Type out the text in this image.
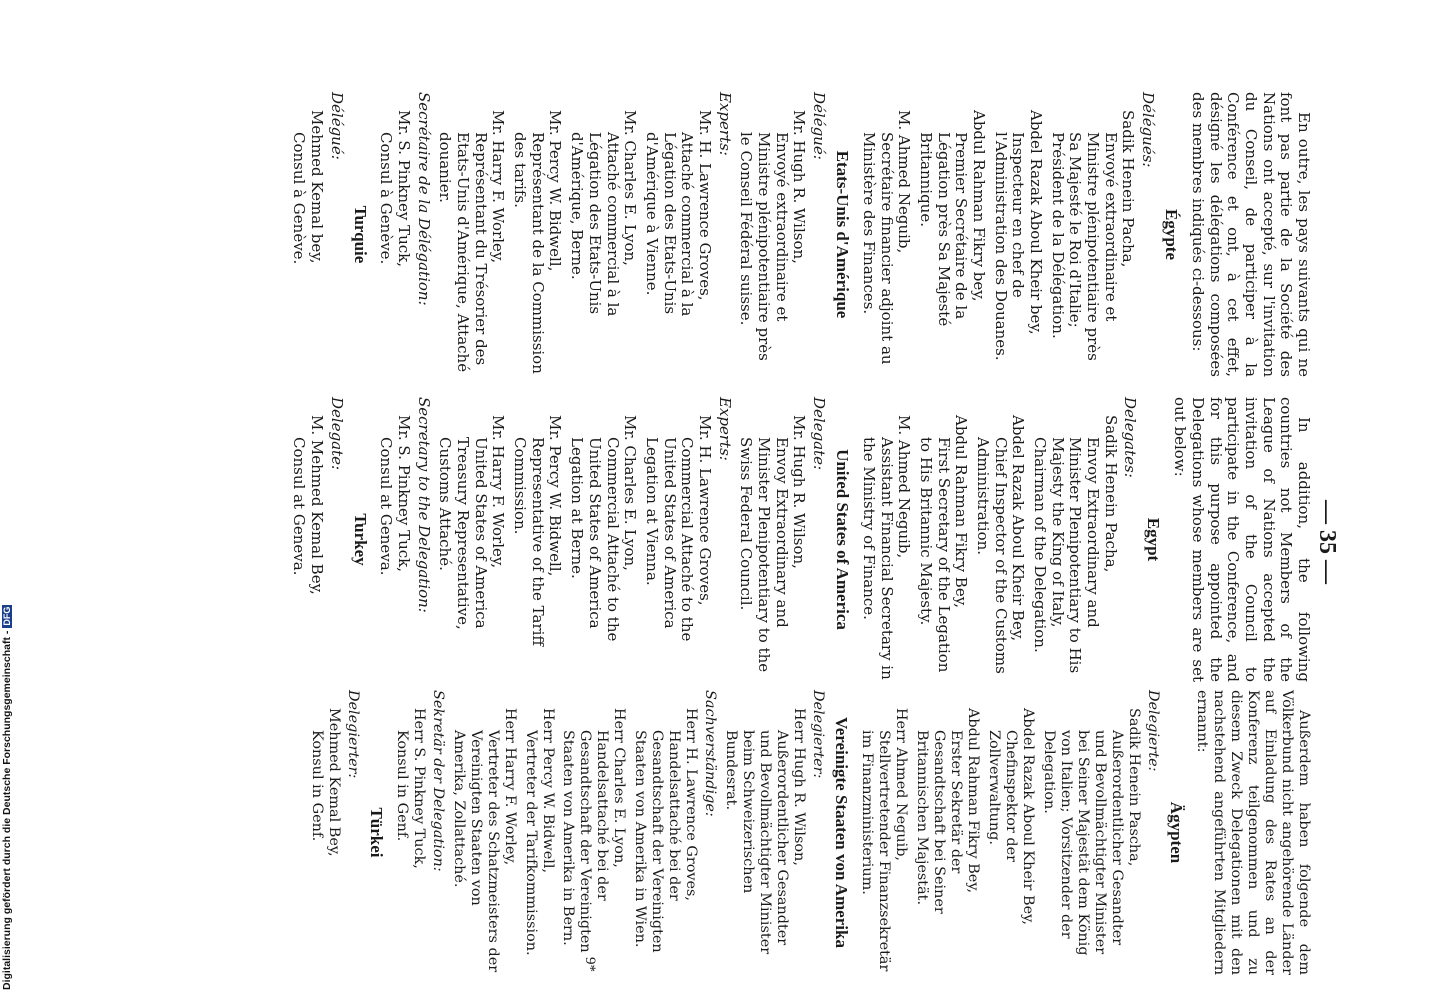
— 35 —

En outre, les pays suivants qui ne font pas partie de la Société des Nations ont accepté, sur l'invitation du Conseil, de participer à la Conférence et ont, à cet effet, désigné les délégations composées des membres indiqués ci-dessous:

Égypte
Délégués:
Sadik Henein Pacha,
Envoyé extraordinaire et Ministre plénipotentiaire près Sa Majesté le Roi d'Italie; Président de la Délégation.
Abdel Razak Aboul Kheir bey,
Inspecteur en chef de l'Administration des Douanes.
Abdul Rahman Fikry bey,
Premier Secrétaire de la Légation près Sa Majesté Britannique.
M. Ahmed Neguib,
Secrétaire financier adjoint au Ministère des Finances.
Etats-Unis d'Amérique
Délégué:
Mr. Hugh R. Wilson,
Envoyé extraordinaire et Ministre plénipotentiaire près le Conseil Fédéral suisse.
Experts:
Mr. H. Lawrence Groves,
Attaché commercial à la Légation des Etats-Unis d'Amérique à Vienne.
Mr. Charles E. Lyon,
Attaché commercial à la Légation des Etats-Unis d'Amérique, Berne.
Mr. Percy W. Bidwell,
Représentant de la Commission des tarifs.
Mr. Harry F. Worley,
Représentant du Trésorier des Etats-Unis d'Amérique, Attaché douanier.
Secrétaire de la Délégation:
Mr. S. Pinkney Tuck,
Consul à Genève.
Turquie
Délégué:
Mehmed Kemal bey,
Consul à Genève.

In addition, the following countries not Members of the League of Nations accepted the invitation of the Council to participate in the Conference, and for this purpose appointed the Delegations whose members are set out below:

Egypt
Delegates:
Sadik Henein Pacha,
Envoy Extraordinary and Minister Plenipotentiary to His Majesty the King of Italy, Chairman of the Delegation.
Abdel Razak Aboul Kheir Bey,
Chief Inspector of the Customs Administration.
Abdul Rahman Fikry Bey,
First Secretary of the Legation to His Britannic Majesty.
M. Ahmed Neguib,
Assistant Financial Secretary in the Ministry of Finance.
United States of America
Delegate:
Mr. Hugh R. Wilson,
Envoy Extraordinary and Minister Plenipotentiary to the Swiss Federal Council.
Experts:
Mr. H. Lawrence Groves,
Commercial Attaché to the United States of America Legation at Vienna.
Mr. Charles E. Lyon,
Commercial Attaché to the United States of America Legation at Berne.
Mr. Percy W. Bidwell,
Representative of the Tariff Commission.
Mr. Harry F. Worley,
United States of America Treasury Representative, Customs Attaché.
Secretary to the Delegation:
Mr. S. Pinkney Tuck,
Consul at Geneva.
Turkey
Delegate:
M. Mehmed Kemal Bey,
Consul at Geneva.

Außerdem haben folgende dem Völkerbund nicht angehörende Länder auf Einladung des Rates an der Konferenz teilgenommen und zu diesem Zweck Delegationen mit den nachstehend angeführten Mitgliedern ernannt:

Ägypten
Delegierte:
Sadik Henein Pascha,
Außerordentlicher Gesandter und Bevollmächtigter Minister bei Seiner Majestät dem König von Italien; Vorsitzender der Delegation.
Abdel Razak Aboul Kheir Bey,
Chefinspektor der Zollverwaltung.
Abdul Rahman Fikry Bey,
Erster Sekretär der Gesandtschaft bei Seiner Britannischen Majestät.
Herr Ahmed Neguib,
Stellvertretender Finanzsekretär im Finanzministerium.
Vereinigte Staaten von Amerika
Delegierter:
Herr Hugh R. Wilson,
Außerordentlicher Gesandter und Bevollmächtigter Minister beim Schweizerischen Bundesrat.
Sachverständige:
Herr H. Lawrence Groves,
Handelsattaché bei der Gesandtschaft der Vereinigten Staaten von Amerika in Wien.
Herr Charles E. Lyon,
Handelsattaché bei der Gesandtschaft der Vereinigten Staaten von Amerika in Bern.
Herr Percy W. Bidwell,
Vertreter der Tarifkommission.
Herr Harry F. Worley,
Vertreter des Schatzmeisters der Vereinigten Staaten von Amerika, Zollattaché.
Sekretär der Delegation:
Herr S. Pinkney Tuck,
Konsul in Genf.
Türkei
Delegierter:
Mehmed Kemal Bey,
Konsul in Genf.
9*
Digitalisierung gefördert durch die Deutsche Forschungsgemeinschaft -DFG
